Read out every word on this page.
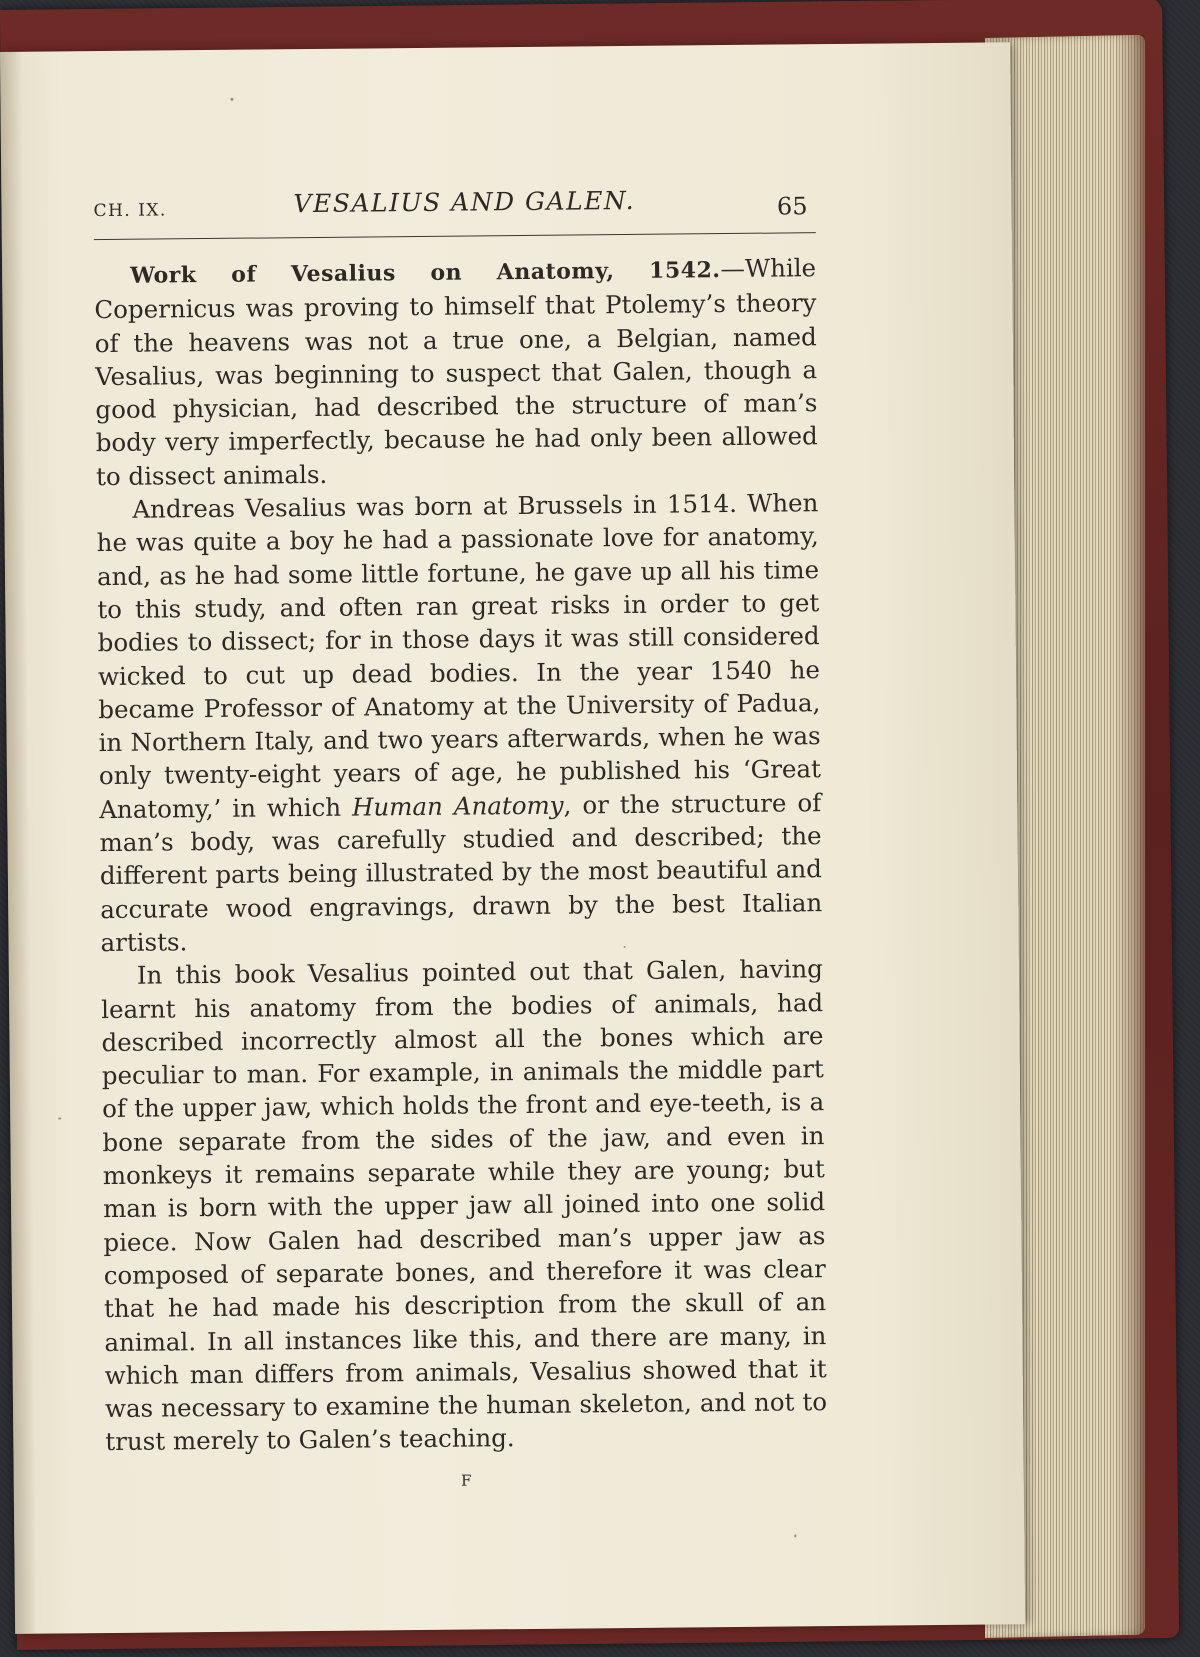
CH. IX.	VESALIUS AND GALEN.	65

Work of Vesalius on Anatomy, 1542.—While Copernicus was proving to himself that Ptolemy’s theory of the heavens was not a true one, a Belgian, named Vesalius, was beginning to suspect that Galen, though a good physician, had described the structure of man’s body very imperfectly, because he had only been allowed to dissect animals.

Andreas Vesalius was born at Brussels in 1514. When he was quite a boy he had a passionate love for anatomy, and, as he had some little fortune, he gave up all his time to this study, and often ran great risks in order to get bodies to dissect; for in those days it was still considered wicked to cut up dead bodies. In the year 1540 he became Professor of Anatomy at the University of Padua, in Northern Italy, and two years afterwards, when he was only twenty-eight years of age, he published his ‘Great Anatomy,’ in which Human Anatomy, or the structure of man’s body, was carefully studied and described; the different parts being illustrated by the most beautiful and accurate wood engravings, drawn by the best Italian artists.

In this book Vesalius pointed out that Galen, having learnt his anatomy from the bodies of animals, had described incorrectly almost all the bones which are peculiar to man. For example, in animals the middle part of the upper jaw, which holds the front and eye-teeth, is a bone separate from the sides of the jaw, and even in monkeys it remains separate while they are young; but man is born with the upper jaw all joined into one solid piece. Now Galen had described man’s upper jaw as composed of separate bones, and therefore it was clear that he had made his description from the skull of an animal. In all instances like this, and there are many, in which man differs from animals, Vesalius showed that it was necessary to examine the human skeleton, and not to trust merely to Galen’s teaching.

F
